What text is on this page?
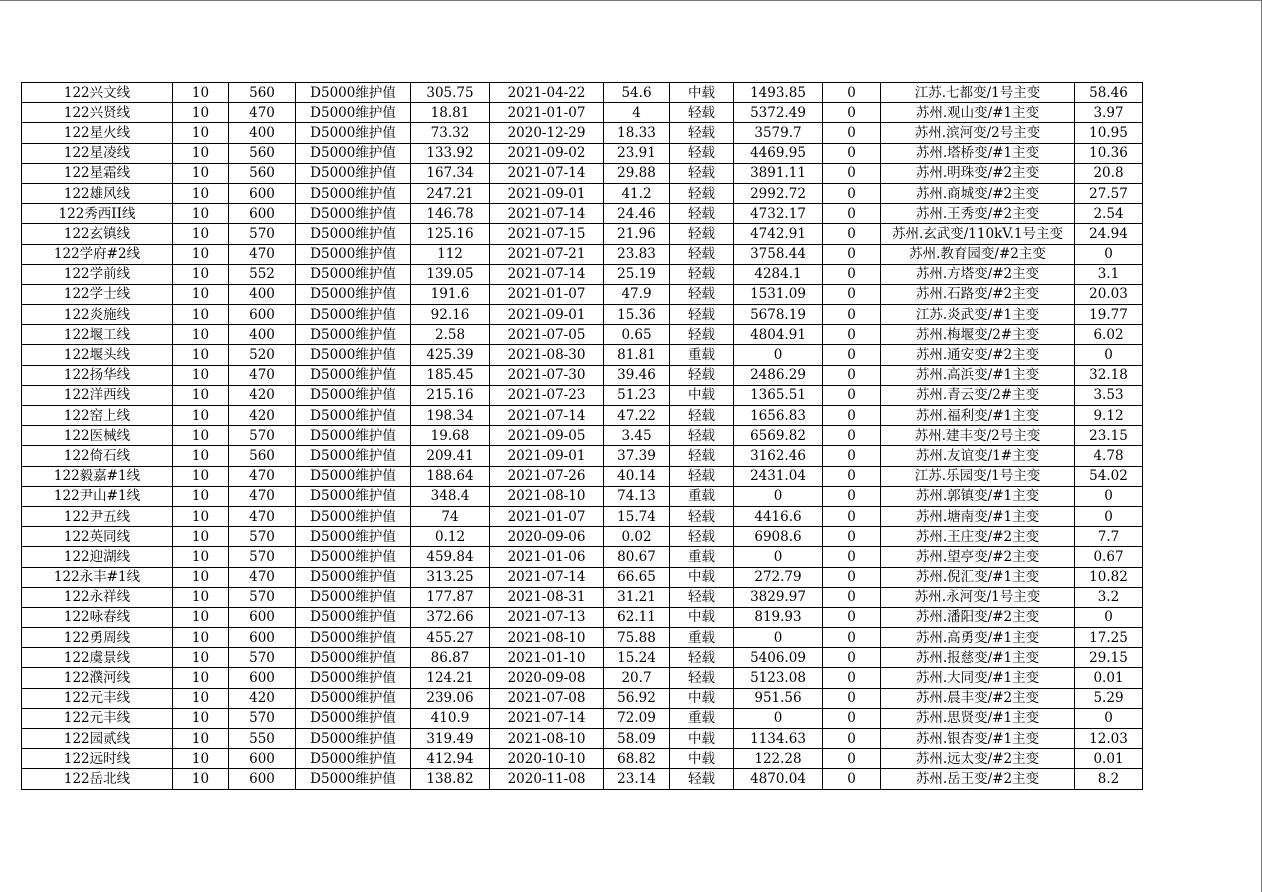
122兴文线	10	560	D5000维护值	305.75	2021-04-22	54.6	中载	1493.85	0	江苏.七都变/1号主变	58.46
122兴贤线	10	470	D5000维护值	18.81	2021-01-07	4	轻载	5372.49	0	苏州.观山变/#1主变	3.97
122星火线	10	400	D5000维护值	73.32	2020-12-29	18.33	轻载	3579.7	0	苏州.滨河变/2号主变	10.95
122星凌线	10	560	D5000维护值	133.92	2021-09-02	23.91	轻载	4469.95	0	苏州.塔桥变/#1主变	10.36
122星霜线	10	560	D5000维护值	167.34	2021-07-14	29.88	轻载	3891.11	0	苏州.明珠变/#2主变	20.8
122雄风线	10	600	D5000维护值	247.21	2021-09-01	41.2	轻载	2992.72	0	苏州.商城变/#2主变	27.57
122秀西II线	10	600	D5000维护值	146.78	2021-07-14	24.46	轻载	4732.17	0	苏州.王秀变/#2主变	2.54
122玄镇线	10	570	D5000维护值	125.16	2021-07-15	21.96	轻载	4742.91	0	苏州.玄武变/110kV.1号主变	24.94
122学府#2线	10	470	D5000维护值	112	2021-07-21	23.83	轻载	3758.44	0	苏州.教育园变/#2主变	0
122学前线	10	552	D5000维护值	139.05	2021-07-14	25.19	轻载	4284.1	0	苏州.方塔变/#2主变	3.1
122学士线	10	400	D5000维护值	191.6	2021-01-07	47.9	轻载	1531.09	0	苏州.石路变/#2主变	20.03
122炎施线	10	600	D5000维护值	92.16	2021-09-01	15.36	轻载	5678.19	0	江苏.炎武变/#1主变	19.77
122堰工线	10	400	D5000维护值	2.58	2021-07-05	0.65	轻载	4804.91	0	苏州.梅堰变/2#主变	6.02
122堰头线	10	520	D5000维护值	425.39	2021-08-30	81.81	重载	0	0	苏州.通安变/#2主变	0
122扬华线	10	470	D5000维护值	185.45	2021-07-30	39.46	轻载	2486.29	0	苏州.高浜变/#1主变	32.18
122洋西线	10	420	D5000维护值	215.16	2021-07-23	51.23	中载	1365.51	0	苏州.青云变/2#主变	3.53
122窑上线	10	420	D5000维护值	198.34	2021-07-14	47.22	轻载	1656.83	0	苏州.福利变/#1主变	9.12
122医械线	10	570	D5000维护值	19.68	2021-09-05	3.45	轻载	6569.82	0	苏州.建丰变/2号主变	23.15
122倚石线	10	560	D5000维护值	209.41	2021-09-01	37.39	轻载	3162.46	0	苏州.友谊变/1#主变	4.78
122毅嘉#1线	10	470	D5000维护值	188.64	2021-07-26	40.14	轻载	2431.04	0	江苏.乐园变/1号主变	54.02
122尹山#1线	10	470	D5000维护值	348.4	2021-08-10	74.13	重载	0	0	苏州.郭镇变/#1主变	0
122尹五线	10	470	D5000维护值	74	2021-01-07	15.74	轻载	4416.6	0	苏州.塘南变/#1主变	0
122英同线	10	570	D5000维护值	0.12	2020-09-06	0.02	轻载	6908.6	0	苏州.王庄变/#2主变	7.7
122迎湖线	10	570	D5000维护值	459.84	2021-01-06	80.67	重载	0	0	苏州.望亭变/#2主变	0.67
122永丰#1线	10	470	D5000维护值	313.25	2021-07-14	66.65	中载	272.79	0	苏州.倪汇变/#1主变	10.82
122永祥线	10	570	D5000维护值	177.87	2021-08-31	31.21	轻载	3829.97	0	苏州.永河变/1号主变	3.2
122咏春线	10	600	D5000维护值	372.66	2021-07-13	62.11	中载	819.93	0	苏州.潘阳变/#2主变	0
122勇周线	10	600	D5000维护值	455.27	2021-08-10	75.88	重载	0	0	苏州.高勇变/#1主变	17.25
122虞景线	10	570	D5000维护值	86.87	2021-01-10	15.24	轻载	5406.09	0	苏州.报慈变/#1主变	29.15
122濮河线	10	600	D5000维护值	124.21	2020-09-08	20.7	轻载	5123.08	0	苏州.大同变/#1主变	0.01
122元丰线	10	420	D5000维护值	239.06	2021-07-08	56.92	中载	951.56	0	苏州.晨丰变/#2主变	5.29
122元丰线	10	570	D5000维护值	410.9	2021-07-14	72.09	重载	0	0	苏州.思贤变/#1主变	0
122园贰线	10	550	D5000维护值	319.49	2021-08-10	58.09	中载	1134.63	0	苏州.银杏变/#1主变	12.03
122远时线	10	600	D5000维护值	412.94	2020-10-10	68.82	中载	122.28	0	苏州.远太变/#2主变	0.01
122岳北线	10	600	D5000维护值	138.82	2020-11-08	23.14	轻载	4870.04	0	苏州.岳王变/#2主变	8.2
